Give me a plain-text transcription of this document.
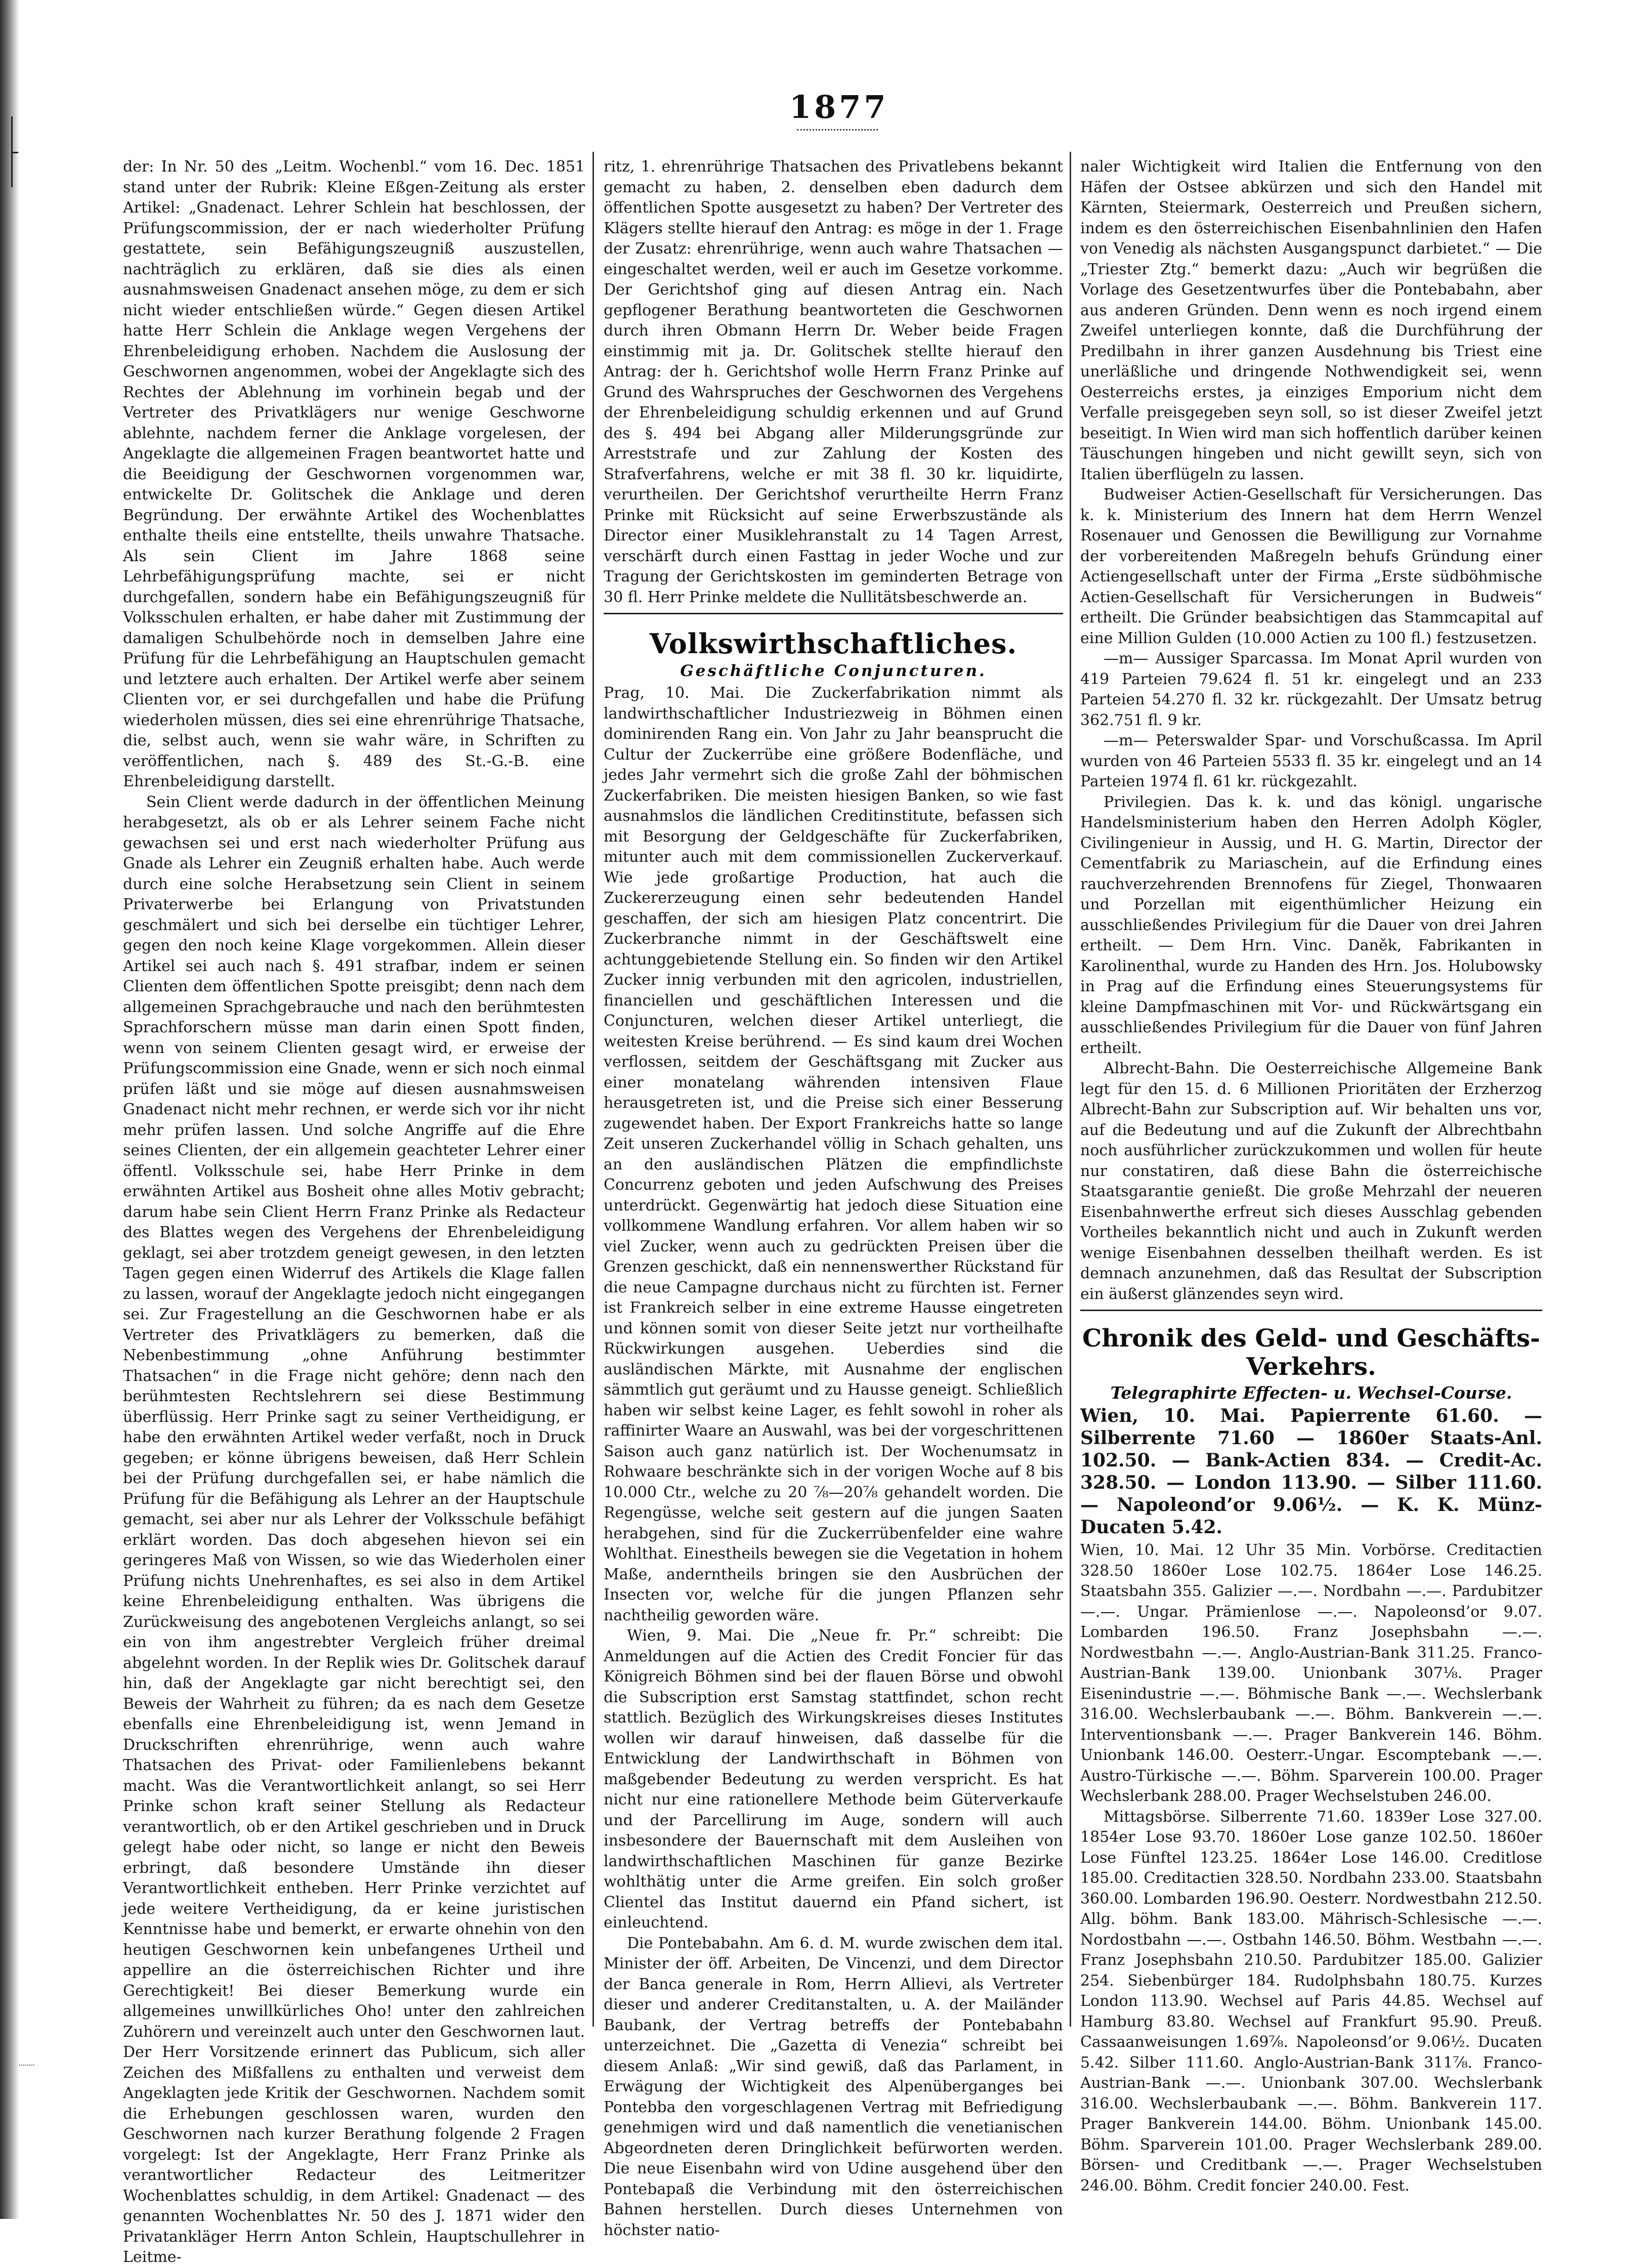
1877

der: In Nr. 50 des „Leitm. Wochenbl.“ vom 16. Dec. 1851 stand unter der Rubrik: Kleine Eßgen-Zeitung als erster Artikel: „Gnadenact. Lehrer Schlein hat beschlossen, der Prüfungscommission, der er nach wiederholter Prüfung gestattete, sein Befähigungszeugniß auszustellen, nachträglich zu erklären, daß sie dies als einen ausnahmsweisen Gnadenact ansehen möge, zu dem er sich nicht wieder entschließen würde.“ Gegen diesen Artikel hatte Herr Schlein die Anklage wegen Vergehens der Ehrenbeleidigung erhoben. Nachdem die Auslosung der Geschwornen angenommen, wobei der Angeklagte sich des Rechtes der Ablehnung im vorhinein begab und der Vertreter des Privatklägers nur wenige Geschworne ablehnte, nachdem ferner die Anklage vorgelesen, der Angeklagte die allgemeinen Fragen beantwortet hatte und die Beeidigung der Geschwornen vorgenommen war, entwickelte Dr. Golitschek die Anklage und deren Begründung. Der erwähnte Artikel des Wochenblattes enthalte theils eine entstellte, theils unwahre Thatsache. Als sein Client im Jahre 1868 seine Lehrbefähigungsprüfung machte, sei er nicht durchgefallen, sondern habe ein Befähigungszeugniß für Volksschulen erhalten, er habe daher mit Zustimmung der damaligen Schulbehörde noch in demselben Jahre eine Prüfung für die Lehrbefähigung an Hauptschulen gemacht und letztere auch erhalten. Der Artikel werfe aber seinem Clienten vor, er sei durchgefallen und habe die Prüfung wiederholen müssen, dies sei eine ehrenrührige Thatsache, die, selbst auch, wenn sie wahr wäre, in Schriften zu veröffentlichen, nach §. 489 des St.-G.-B. eine Ehrenbeleidigung darstellt.

Sein Client werde dadurch in der öffentlichen Meinung herabgesetzt, als ob er als Lehrer seinem Fache nicht gewachsen sei und erst nach wiederholter Prüfung aus Gnade als Lehrer ein Zeugniß erhalten habe. Auch werde durch eine solche Herabsetzung sein Client in seinem Privaterwerbe bei Erlangung von Privatstunden geschmälert und sich bei derselbe ein tüchtiger Lehrer, gegen den noch keine Klage vorgekommen. Allein dieser Artikel sei auch nach §. 491 strafbar, indem er seinen Clienten dem öffentlichen Spotte preisgibt; denn nach dem allgemeinen Sprachgebrauche und nach den berühmtesten Sprachforschern müsse man darin einen Spott finden, wenn von seinem Clienten gesagt wird, er erweise der Prüfungscommission eine Gnade, wenn er sich noch einmal prüfen läßt und sie möge auf diesen ausnahmsweisen Gnadenact nicht mehr rechnen, er werde sich vor ihr nicht mehr prüfen lassen. Und solche Angriffe auf die Ehre seines Clienten, der ein allgemein geachteter Lehrer einer öffentl. Volksschule sei, habe Herr Prinke in dem erwähnten Artikel aus Bosheit ohne alles Motiv gebracht; darum habe sein Client Herrn Franz Prinke als Redacteur des Blattes wegen des Vergehens der Ehrenbeleidigung geklagt, sei aber trotzdem geneigt gewesen, in den letzten Tagen gegen einen Widerruf des Artikels die Klage fallen zu lassen, worauf der Angeklagte jedoch nicht eingegangen sei. Zur Fragestellung an die Geschwornen habe er als Vertreter des Privatklägers zu bemerken, daß die Nebenbestimmung „ohne Anführung bestimmter Thatsachen“ in die Frage nicht gehöre; denn nach den berühmtesten Rechtslehrern sei diese Bestimmung überflüssig. Herr Prinke sagt zu seiner Vertheidigung, er habe den erwähnten Artikel weder verfaßt, noch in Druck gegeben; er könne übrigens beweisen, daß Herr Schlein bei der Prüfung durchgefallen sei, er habe nämlich die Prüfung für die Befähigung als Lehrer an der Hauptschule gemacht, sei aber nur als Lehrer der Volksschule befähigt erklärt worden. Das doch abgesehen hievon sei ein geringeres Maß von Wissen, so wie das Wiederholen einer Prüfung nichts Unehrenhaftes, es sei also in dem Artikel keine Ehrenbeleidigung enthalten. Was übrigens die Zurückweisung des angebotenen Vergleichs anlangt, so sei ein von ihm angestrebter Vergleich früher dreimal abgelehnt worden. In der Replik wies Dr. Golitschek darauf hin, daß der Angeklagte gar nicht berechtigt sei, den Beweis der Wahrheit zu führen; da es nach dem Gesetze ebenfalls eine Ehrenbeleidigung ist, wenn Jemand in Druckschriften ehrenrührige, wenn auch wahre Thatsachen des Privat- oder Familienlebens bekannt macht. Was die Verantwortlichkeit anlangt, so sei Herr Prinke schon kraft seiner Stellung als Redacteur verantwortlich, ob er den Artikel geschrieben und in Druck gelegt habe oder nicht, so lange er nicht den Beweis erbringt, daß besondere Umstände ihn dieser Verantwortlichkeit entheben. Herr Prinke verzichtet auf jede weitere Vertheidigung, da er keine juristischen Kenntnisse habe und bemerkt, er erwarte ohnehin von den heutigen Geschwornen kein unbefangenes Urtheil und appellire an die österreichischen Richter und ihre Gerechtigkeit! Bei dieser Bemerkung wurde ein allgemeines unwillkürliches Oho! unter den zahlreichen Zuhörern und vereinzelt auch unter den Geschwornen laut. Der Herr Vorsitzende erinnert das Publicum, sich aller Zeichen des Mißfallens zu enthalten und verweist dem Angeklagten jede Kritik der Geschwornen. Nachdem somit die Erhebungen geschlossen waren, wurden den Geschwornen nach kurzer Berathung folgende 2 Fragen vorgelegt: Ist der Angeklagte, Herr Franz Prinke als verantwortlicher Redacteur des Leitmeritzer Wochenblattes schuldig, in dem Artikel: Gnadenact — des genannten Wochenblattes Nr. 50 des J. 1871 wider den Privatankläger Herrn Anton Schlein, Hauptschullehrer in Leitme-

ritz, 1. ehrenrührige Thatsachen des Privatlebens bekannt gemacht zu haben, 2. denselben eben dadurch dem öffentlichen Spotte ausgesetzt zu haben? Der Vertreter des Klägers stellte hierauf den Antrag: es möge in der 1. Frage der Zusatz: ehrenrührige, wenn auch wahre Thatsachen — eingeschaltet werden, weil er auch im Gesetze vorkomme. Der Gerichtshof ging auf diesen Antrag ein. Nach gepflogener Berathung beantworteten die Geschwornen durch ihren Obmann Herrn Dr. Weber beide Fragen einstimmig mit ja. Dr. Golitschek stellte hierauf den Antrag: der h. Gerichtshof wolle Herrn Franz Prinke auf Grund des Wahrspruches der Geschwornen des Vergehens der Ehrenbeleidigung schuldig erkennen und auf Grund des §. 494 bei Abgang aller Milderungsgründe zur Arreststrafe und zur Zahlung der Kosten des Strafverfahrens, welche er mit 38 fl. 30 kr. liquidirte, verurtheilen. Der Gerichtshof verurtheilte Herrn Franz Prinke mit Rücksicht auf seine Erwerbszustände als Director einer Musiklehranstalt zu 14 Tagen Arrest, verschärft durch einen Fasttag in jeder Woche und zur Tragung der Gerichtskosten im geminderten Betrage von 30 fl. Herr Prinke meldete die Nullitätsbeschwerde an.

Volkswirthschaftliches.
Geschäftliche Conjuncturen.

Prag, 10. Mai. Die Zuckerfabrikation nimmt als landwirthschaftlicher Industriezweig in Böhmen einen dominirenden Rang ein. Von Jahr zu Jahr beansprucht die Cultur der Zuckerrübe eine größere Bodenfläche, und jedes Jahr vermehrt sich die große Zahl der böhmischen Zuckerfabriken. Die meisten hiesigen Banken, so wie fast ausnahmslos die ländlichen Creditinstitute, befassen sich mit Besorgung der Geldgeschäfte für Zuckerfabriken, mitunter auch mit dem commissionellen Zuckerverkauf. Wie jede großartige Production, hat auch die Zuckererzeugung einen sehr bedeutenden Handel geschaffen, der sich am hiesigen Platz concentrirt. Die Zuckerbranche nimmt in der Geschäftswelt eine achtunggebietende Stellung ein. So finden wir den Artikel Zucker innig verbunden mit den agricolen, industriellen, financiellen und geschäftlichen Interessen und die Conjuncturen, welchen dieser Artikel unterliegt, die weitesten Kreise berührend. — Es sind kaum drei Wochen verflossen, seitdem der Geschäftsgang mit Zucker aus einer monatelang währenden intensiven Flaue herausgetreten ist, und die Preise sich einer Besserung zugewendet haben. Der Export Frankreichs hatte so lange Zeit unseren Zuckerhandel völlig in Schach gehalten, uns an den ausländischen Plätzen die empfindlichste Concurrenz geboten und jeden Aufschwung des Preises unterdrückt. Gegenwärtig hat jedoch diese Situation eine vollkommene Wandlung erfahren. Vor allem haben wir so viel Zucker, wenn auch zu gedrückten Preisen über die Grenzen geschickt, daß ein nennenswerther Rückstand für die neue Campagne durchaus nicht zu fürchten ist. Ferner ist Frankreich selber in eine extreme Hausse eingetreten und können somit von dieser Seite jetzt nur vortheilhafte Rückwirkungen ausgehen. Ueberdies sind die ausländischen Märkte, mit Ausnahme der englischen sämmtlich gut geräumt und zu Hausse geneigt. Schließlich haben wir selbst keine Lager, es fehlt sowohl in roher als raffinirter Waare an Auswahl, was bei der vorgeschrittenen Saison auch ganz natürlich ist. Der Wochenumsatz in Rohwaare beschränkte sich in der vorigen Woche auf 8 bis 10.000 Ctr., welche zu 20 ⅞—20⅞ gehandelt worden. Die Regengüsse, welche seit gestern auf die jungen Saaten herabgehen, sind für die Zuckerrübenfelder eine wahre Wohlthat. Einestheils bewegen sie die Vegetation in hohem Maße, anderntheils bringen sie den Ausbrüchen der Insecten vor, welche für die jungen Pflanzen sehr nachtheilig geworden wäre.

Wien, 9. Mai. Die „Neue fr. Pr.“ schreibt: Die Anmeldungen auf die Actien des Credit Foncier für das Königreich Böhmen sind bei der flauen Börse und obwohl die Subscription erst Samstag stattfindet, schon recht stattlich. Bezüglich des Wirkungskreises dieses Institutes wollen wir darauf hinweisen, daß dasselbe für die Entwicklung der Landwirthschaft in Böhmen von maßgebender Bedeutung zu werden verspricht. Es hat nicht nur eine rationellere Methode beim Güterverkaufe und der Parcellirung im Auge, sondern will auch insbesondere der Bauernschaft mit dem Ausleihen von landwirthschaftlichen Maschinen für ganze Bezirke wohlthätig unter die Arme greifen. Ein solch großer Clientel das Institut dauernd ein Pfand sichert, ist einleuchtend.

Die Pontebabahn. Am 6. d. M. wurde zwischen dem ital. Minister der öff. Arbeiten, De Vincenzi, und dem Director der Banca generale in Rom, Herrn Allievi, als Vertreter dieser und anderer Creditanstalten, u. A. der Mailänder Baubank, der Vertrag betreffs der Pontebabahn unterzeichnet. Die „Gazetta di Venezia“ schreibt bei diesem Anlaß: „Wir sind gewiß, daß das Parlament, in Erwägung der Wichtigkeit des Alpenüberganges bei Pontebba den vorgeschlagenen Vertrag mit Befriedigung genehmigen wird und daß namentlich die venetianischen Abgeordneten deren Dringlichkeit befürworten werden. Die neue Eisenbahn wird von Udine ausgehend über den Pontebapaß die Verbindung mit den österreichischen Bahnen herstellen. Durch dieses Unternehmen von höchster natio-

naler Wichtigkeit wird Italien die Entfernung von den Häfen der Ostsee abkürzen und sich den Handel mit Kärnten, Steiermark, Oesterreich und Preußen sichern, indem es den österreichischen Eisenbahnlinien den Hafen von Venedig als nächsten Ausgangspunct darbietet.“ — Die „Triester Ztg.“ bemerkt dazu: „Auch wir begrüßen die Vorlage des Gesetzentwurfes über die Pontebabahn, aber aus anderen Gründen. Denn wenn es noch irgend einem Zweifel unterliegen konnte, daß die Durchführung der Predilbahn in ihrer ganzen Ausdehnung bis Triest eine unerläßliche und dringende Nothwendigkeit sei, wenn Oesterreichs erstes, ja einziges Emporium nicht dem Verfalle preisgegeben seyn soll, so ist dieser Zweifel jetzt beseitigt. In Wien wird man sich hoffentlich darüber keinen Täuschungen hingeben und nicht gewillt seyn, sich von Italien überflügeln zu lassen.

Budweiser Actien-Gesellschaft für Versicherungen. Das k. k. Ministerium des Innern hat dem Herrn Wenzel Rosenauer und Genossen die Bewilligung zur Vornahme der vorbereitenden Maßregeln behufs Gründung einer Actiengesellschaft unter der Firma „Erste südböhmische Actien-Gesellschaft für Versicherungen in Budweis“ ertheilt. Die Gründer beabsichtigen das Stammcapital auf eine Million Gulden (10.000 Actien zu 100 fl.) festzusetzen.

—m— Aussiger Sparcassa. Im Monat April wurden von 419 Parteien 79.624 fl. 51 kr. eingelegt und an 233 Parteien 54.270 fl. 32 kr. rückgezahlt. Der Umsatz betrug 362.751 fl. 9 kr.

—m— Peterswalder Spar- und Vorschußcassa. Im April wurden von 46 Parteien 5533 fl. 35 kr. eingelegt und an 14 Parteien 1974 fl. 61 kr. rückgezahlt.

Privilegien. Das k. k. und das königl. ungarische Handelsministerium haben den Herren Adolph Kögler, Civilingenieur in Aussig, und H. G. Martin, Director der Cementfabrik zu Mariaschein, auf die Erfindung eines rauchverzehrenden Brennofens für Ziegel, Thonwaaren und Porzellan mit eigenthümlicher Heizung ein ausschließendes Privilegium für die Dauer von drei Jahren ertheilt. — Dem Hrn. Vinc. Daněk, Fabrikanten in Karolinenthal, wurde zu Handen des Hrn. Jos. Holubowsky in Prag auf die Erfindung eines Steuerungsystems für kleine Dampfmaschinen mit Vor- und Rückwärtsgang ein ausschließendes Privilegium für die Dauer von fünf Jahren ertheilt.

Albrecht-Bahn. Die Oesterreichische Allgemeine Bank legt für den 15. d. 6 Millionen Prioritäten der Erzherzog Albrecht-Bahn zur Subscription auf. Wir behalten uns vor, auf die Bedeutung und auf die Zukunft der Albrechtbahn noch ausführlicher zurückzukommen und wollen für heute nur constatiren, daß diese Bahn die österreichische Staatsgarantie genießt. Die große Mehrzahl der neueren Eisenbahnwerthe erfreut sich dieses Ausschlag gebenden Vortheiles bekanntlich nicht und auch in Zukunft werden wenige Eisenbahnen desselben theilhaft werden. Es ist demnach anzunehmen, daß das Resultat der Subscription ein äußerst glänzendes seyn wird.

Chronik des Geld- und Geschäfts-Verkehrs.
Telegraphirte Effecten- u. Wechsel-Course.

Wien, 10. Mai. Papierrente 61.60. — Silberrente 71.60 — 1860er Staats-Anl. 102.50. — Bank-Actien 834. — Credit-Ac. 328.50. — London 113.90. — Silber 111.60. — Napoleond’or 9.06½. — K. K. Münz-Ducaten 5.42.

Wien, 10. Mai. 12 Uhr 35 Min. Vorbörse. Creditactien 328.50 1860er Lose 102.75. 1864er Lose 146.25. Staatsbahn 355. Galizier —.—. Nordbahn —.—. Pardubitzer —.—. Ungar. Prämienlose —.—. Napoleonsd’or 9.07. Lombarden 196.50. Franz Josephsbahn —.—. Nordwestbahn —.—. Anglo-Austrian-Bank 311.25. Franco-Austrian-Bank 139.00. Unionbank 307⅛. Prager Eisenindustrie —.—. Böhmische Bank —.—. Wechslerbank 316.00. Wechslerbaubank —.—. Böhm. Bankverein —.—. Interventionsbank —.—. Prager Bankverein 146. Böhm. Unionbank 146.00. Oesterr.-Ungar. Escomptebank —.—. Austro-Türkische —.—. Böhm. Sparverein 100.00. Prager Wechslerbank 288.00. Prager Wechselstuben 246.00.

Mittagsbörse. Silberrente 71.60. 1839er Lose 327.00. 1854er Lose 93.70. 1860er Lose ganze 102.50. 1860er Lose Fünftel 123.25. 1864er Lose 146.00. Creditlose 185.00. Creditactien 328.50. Nordbahn 233.00. Staatsbahn 360.00. Lombarden 196.90. Oesterr. Nordwestbahn 212.50. Allg. böhm. Bank 183.00. Mährisch-Schlesische —.—. Nordostbahn —.—. Ostbahn 146.50. Böhm. Westbahn —.—. Franz Josephsbahn 210.50. Pardubitzer 185.00. Galizier 254. Siebenbürger 184. Rudolphsbahn 180.75. Kurzes London 113.90. Wechsel auf Paris 44.85. Wechsel auf Hamburg 83.80. Wechsel auf Frankfurt 95.90. Preuß. Cassaanweisungen 1.69⅞. Napoleonsd’or 9.06½. Ducaten 5.42. Silber 111.60. Anglo-Austrian-Bank 311⅞. Franco-Austrian-Bank —.—. Unionbank 307.00. Wechslerbank 316.00. Wechslerbaubank —.—. Böhm. Bankverein 117. Prager Bankverein 144.00. Böhm. Unionbank 145.00. Böhm. Sparverein 101.00. Prager Wechslerbank 289.00. Börsen- und Creditbank —.—. Prager Wechselstuben 246.00. Böhm. Credit foncier 240.00. Fest.
